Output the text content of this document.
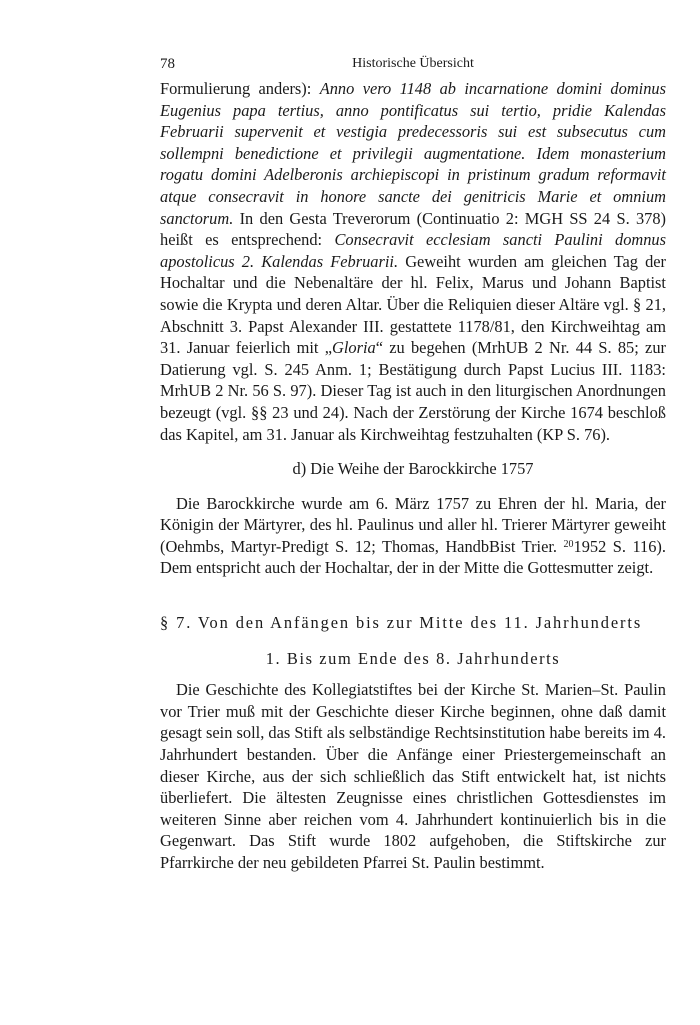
78	Historische Übersicht

Formulierung anders): Anno vero 1148 ab incarnatione domini dominus Eugenius papa tertius, anno pontificatus sui tertio, pridie Kalendas Februarii supervenit et vestigia predecessoris sui est subsecutus cum sollempni benedictione et privilegii augmentatione. Idem monasterium rogatu domini Adelberonis archiepiscopi in pristinum gradum reformavit atque consecravit in honore sancte dei genitricis Marie et omnium sanctorum. In den Gesta Treverorum (Continuatio 2: MGH SS 24 S. 378) heißt es entsprechend: Consecravit ecclesiam sancti Paulini domnus apostolicus 2. Kalendas Februarii. Geweiht wurden am gleichen Tag der Hochaltar und die Nebenaltäre der hl. Felix, Marus und Johann Baptist sowie die Krypta und deren Altar. Über die Reliquien dieser Altäre vgl. § 21, Abschnitt 3. Papst Alexander III. gestattete 1178/81, den Kirchweihtag am 31. Januar feierlich mit „Gloria“ zu begehen (MrhUB 2 Nr. 44 S. 85; zur Datierung vgl. S. 245 Anm. 1; Bestätigung durch Papst Lucius III. 1183: MrhUB 2 Nr. 56 S. 97). Dieser Tag ist auch in den liturgischen Anordnungen bezeugt (vgl. §§ 23 und 24). Nach der Zerstörung der Kirche 1674 beschloß das Kapitel, am 31. Januar als Kirchweihtag festzuhalten (KP S. 76).

d) Die Weihe der Barockkirche 1757

Die Barockkirche wurde am 6. März 1757 zu Ehren der hl. Maria, der Königin der Märtyrer, des hl. Paulinus und aller hl. Trierer Märtyrer geweiht (Oehmbs, Martyr-Predigt S. 12; Thomas, HandbBist Trier. $^{20}$1952 S. 116). Dem entspricht auch der Hochaltar, der in der Mitte die Gottesmutter zeigt.

§ 7. Von den Anfängen bis zur Mitte des 11. Jahrhunderts
1. Bis zum Ende des 8. Jahrhunderts

Die Geschichte des Kollegiatstiftes bei der Kirche St. Marien–St. Paulin vor Trier muß mit der Geschichte dieser Kirche beginnen, ohne daß damit gesagt sein soll, das Stift als selbständige Rechtsinstitution habe bereits im 4. Jahrhundert bestanden. Über die Anfänge einer Priestergemeinschaft an dieser Kirche, aus der sich schließlich das Stift entwickelt hat, ist nichts überliefert. Die ältesten Zeugnisse eines christlichen Gottesdienstes im weiteren Sinne aber reichen vom 4. Jahrhundert kontinuierlich bis in die Gegenwart. Das Stift wurde 1802 aufgehoben, die Stiftskirche zur Pfarrkirche der neu gebildeten Pfarrei St. Paulin bestimmt.
